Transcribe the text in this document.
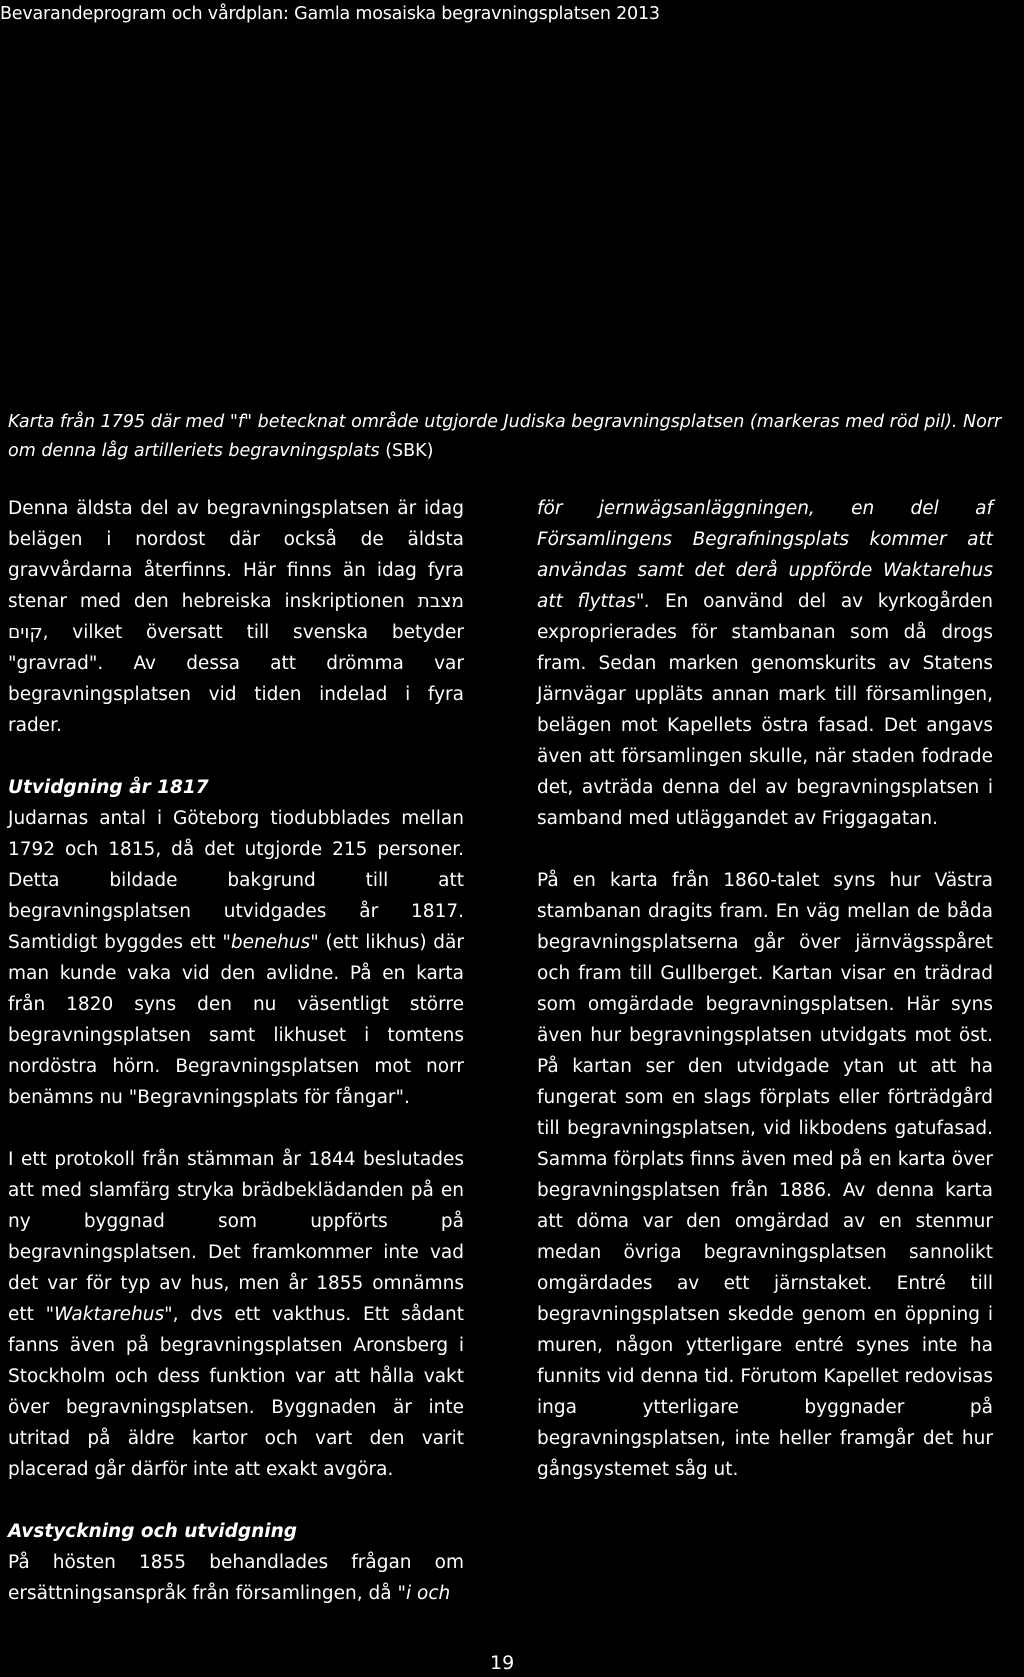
Bevarandeprogram och vårdplan: Gamla mosaiska begravningsplatsen 2013

Karta från 1795 där med "f" betecknat område utgjorde Judiska begravningsplatsen (markeras med röd pil). Norr om denna låg artilleriets begravningsplats (SBK)

Denna äldsta del av begravningsplatsen är idag belägen i nordost där också de äldsta gravvårdarna återfinns. Här finns än idag fyra stenar med den hebreiska inskriptionen מצבת קוים, vilket översatt till svenska betyder "gravrad". Av dessa att drömma var begravningsplatsen vid tiden indelad i fyra rader.

Utvidgning år 1817

Judarnas antal i Göteborg tiodubblades mellan 1792 och 1815, då det utgjorde 215 personer. Detta bildade bakgrund till att begravningsplatsen utvidgades år 1817. Samtidigt byggdes ett "benehus" (ett likhus) där man kunde vaka vid den avlidne. På en karta från 1820 syns den nu väsentligt större begravningsplatsen samt likhuset i tomtens nordöstra hörn. Begravningsplatsen mot norr benämns nu "Begravningsplats för fångar".

I ett protokoll från stämman år 1844 beslutades att med slamfärg stryka brädbeklädanden på en ny byggnad som uppförts på begravningsplatsen. Det framkommer inte vad det var för typ av hus, men år 1855 omnämns ett "Waktarehus", dvs ett vakthus. Ett sådant fanns även på begravningsplatsen Aronsberg i Stockholm och dess funktion var att hålla vakt över begravningsplatsen. Byggnaden är inte utritad på äldre kartor och vart den varit placerad går därför inte att exakt avgöra.

Avstyckning och utvidgning

På hösten 1855 behandlades frågan om ersättningsanspråk från församlingen, då "i och

för jernwägsanläggningen, en del af Församlingens Begrafningsplats kommer att användas samt det derå uppförde Waktarehus att flyttas". En oanvänd del av kyrkogården exproprierades för stambanan som då drogs fram. Sedan marken genomskurits av Statens Järnvägar uppläts annan mark till församlingen, belägen mot Kapellets östra fasad. Det angavs även att församlingen skulle, när staden fodrade det, avträda denna del av begravningsplatsen i samband med utläggandet av Friggagatan.

På en karta från 1860-talet syns hur Västra stambanan dragits fram. En väg mellan de båda begravningsplatserna går över järnvägsspåret och fram till Gullberget. Kartan visar en trädrad som omgärdade begravningsplatsen. Här syns även hur begravningsplatsen utvidgats mot öst. På kartan ser den utvidgade ytan ut att ha fungerat som en slags förplats eller förträdgård till begravningsplatsen, vid likbodens gatufasad. Samma förplats finns även med på en karta över begravningsplatsen från 1886. Av denna karta att döma var den omgärdad av en stenmur medan övriga begravningsplatsen sannolikt omgärdades av ett järnstaket. Entré till begravningsplatsen skedde genom en öppning i muren, någon ytterligare entré synes inte ha funnits vid denna tid. Förutom Kapellet redovisas inga ytterligare byggnader på begravningsplatsen, inte heller framgår det hur gångsystemet såg ut.

19
